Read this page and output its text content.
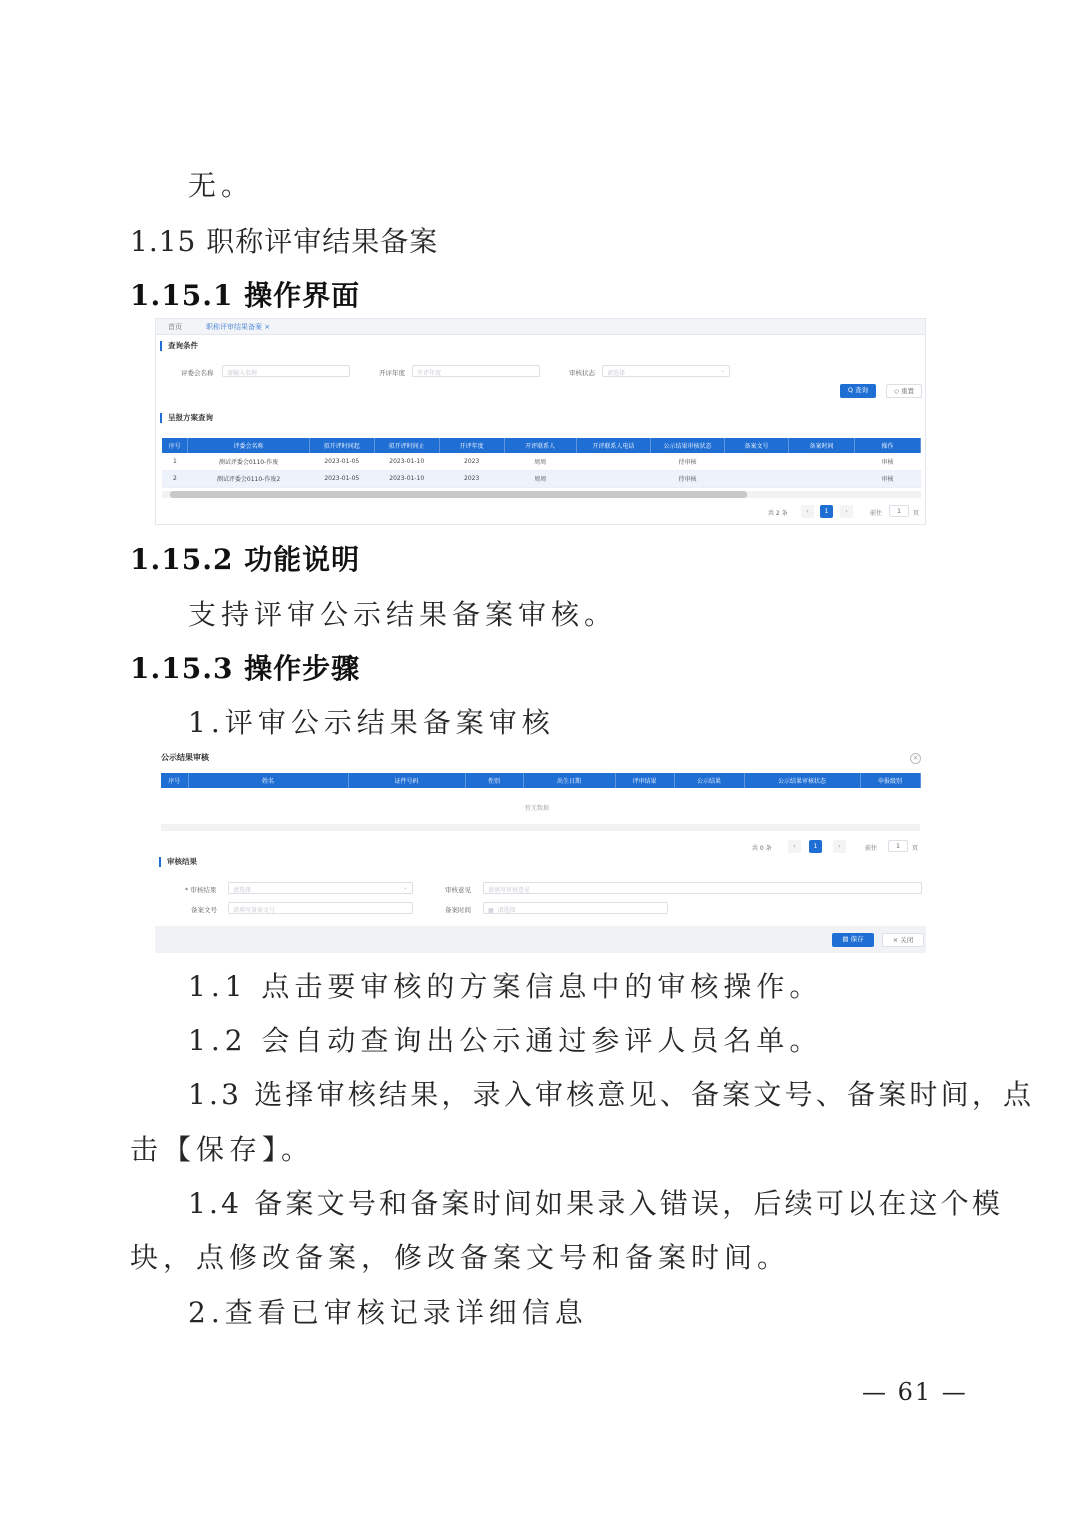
无。
1.15 职称评审结果备案
1.15.1 操作界面
首页	职称评审结果备案 ×
查询条件
评委会名称	请输入名称	开评年度	开评年度	审核状态	请选择	⌄
Q 查询	◇ 重置
呈报方案查询
序号	评委会名称	拟开评时间起	拟开评时间止	开评年度	开评联系人	开评联系人电话	公示结果审核状态	备案文号	备案时间	操作
1	测试评委会0110-作废	2023-01-05	2023-01-10	2023	周周		待审核			审核
2	测试评委会0110-作废2	2023-01-05	2023-01-10	2023	周周		待审核			审核
共 2 条	‹	1	›	前往	1	页
1.15.2 功能说明
支持评审公示结果备案审核。
1.15.3 操作步骤
1.评审公示结果备案审核
公示结果审核	×
序号	姓名	证件号码	性别	出生日期	评审结果	公示结果	公示结果审核状态	申报级别
暂无数据
共 0 条	‹	1	›	前往	1	页
审核结果
* 审核结果	请选择	⌄	审核意见	请填写审核意见
备案文号	请填写备案文号	备案时间	▦ 请选择
▤ 保存	× 关闭
1.1 点击要审核的方案信息中的审核操作。
1.2 会自动查询出公示通过参评人员名单。
1.3 选择审核结果，录入审核意见、备案文号、备案时间，点
击【保存】。
1.4 备案文号和备案时间如果录入错误，后续可以在这个模
块，点修改备案，修改备案文号和备案时间。
2.查看已审核记录详细信息
— 61 —
